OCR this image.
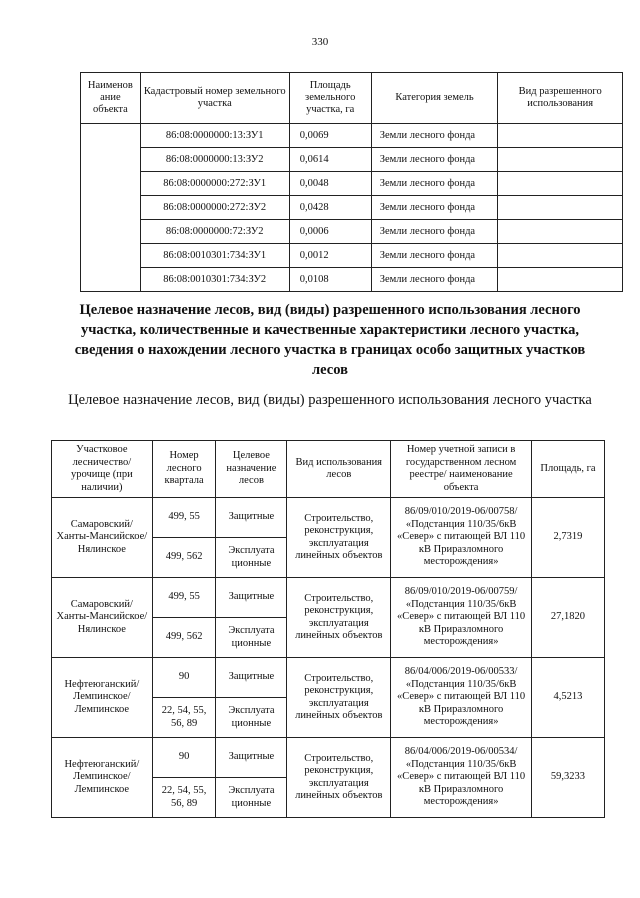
330
Наименов ание объекта	Кадастровый номер земельного участка	Площадь земельного участка, га	Категория земель	Вид разрешенного использования
	86:08:0000000:13:ЗУ1	0,0069	Земли лесного фонда	
	86:08:0000000:13:ЗУ2	0,0614	Земли лесного фонда	
	86:08:0000000:272:ЗУ1	0,0048	Земли лесного фонда	
	86:08:0000000:272:ЗУ2	0,0428	Земли лесного фонда	
	86:08:0000000:72:ЗУ2	0,0006	Земли лесного фонда	
	86:08:0010301:734:ЗУ1	0,0012	Земли лесного фонда	
	86:08:0010301:734:ЗУ2	0,0108	Земли лесного фонда	
Целевое назначение лесов, вид (виды) разрешенного использования лесного участка, количественные и качественные характеристики лесного участка, сведения о нахождении лесного участка в границах особо защитных участков лесов
Целевое назначение лесов, вид (виды) разрешенного использования лесного участка
Участковое лесничество/ урочище (при наличии)	Номер лесного квартала	Целевое назначение лесов	Вид использования лесов	Номер учетной записи в государственном лесном реестре/ наименование объекта	Площадь, га
Самаровский/ Ханты-Мансийское/ Нялинское	499, 55	Защитные	Строительство, реконструкция, эксплуатация линейных объектов	86/09/010/2019-06/00758/ «Подстанция 110/35/6кВ «Север» с питающей ВЛ 110 кВ Приразломного месторождения»	2,7319
	499, 562	Эксплуата ционные			
Самаровский/ Ханты-Мансийское/ Нялинское	499, 55	Защитные	Строительство, реконструкция, эксплуатация линейных объектов	86/09/010/2019-06/00759/ «Подстанция 110/35/6кВ «Север» с питающей ВЛ 110 кВ Приразломного месторождения»	27,1820
	499, 562	Эксплуата ционные			
Нефтеюганский/ Лемпинское/ Лемпинское	90	Защитные	Строительство, реконструкция, эксплуатация линейных объектов	86/04/006/2019-06/00533/ «Подстанция 110/35/6кВ «Север» с питающей ВЛ 110 кВ Приразломного месторождения»	4,5213
	22, 54, 55, 56, 89	Эксплуата ционные			
Нефтеюганский/ Лемпинское/ Лемпинское	90	Защитные	Строительство, реконструкция, эксплуатация линейных объектов	86/04/006/2019-06/00534/ «Подстанция 110/35/6кВ «Север» с питающей ВЛ 110 кВ Приразломного месторождения»	59,3233
	22, 54, 55, 56, 89	Эксплуата ционные			
